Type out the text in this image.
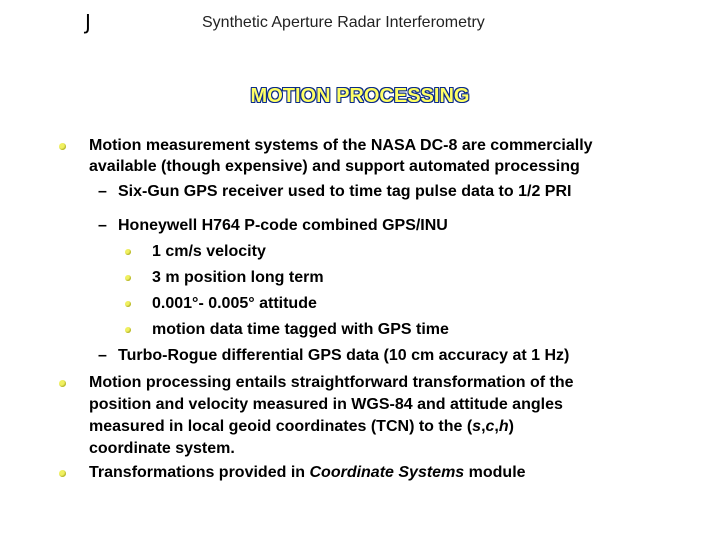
J	Synthetic Aperture Radar Interferometry
MOTION PROCESSING
Motion measurement systems of the NASA DC-8 are commercially
available (though expensive) and support automated processing
– Six-Gun GPS receiver used to time tag pulse data to 1/2 PRI
– Honeywell H764 P-code combined GPS/INU
1 cm/s velocity
3 m position long term
0.001°- 0.005° attitude
motion data time tagged with GPS time
– Turbo-Rogue differential GPS data (10 cm accuracy at 1 Hz)
Motion processing entails straightforward transformation of the
position and velocity measured in WGS-84 and attitude angles
measured in local geoid coordinates (TCN) to the (s,c,h)
coordinate system.
Transformations provided in Coordinate Systems module
